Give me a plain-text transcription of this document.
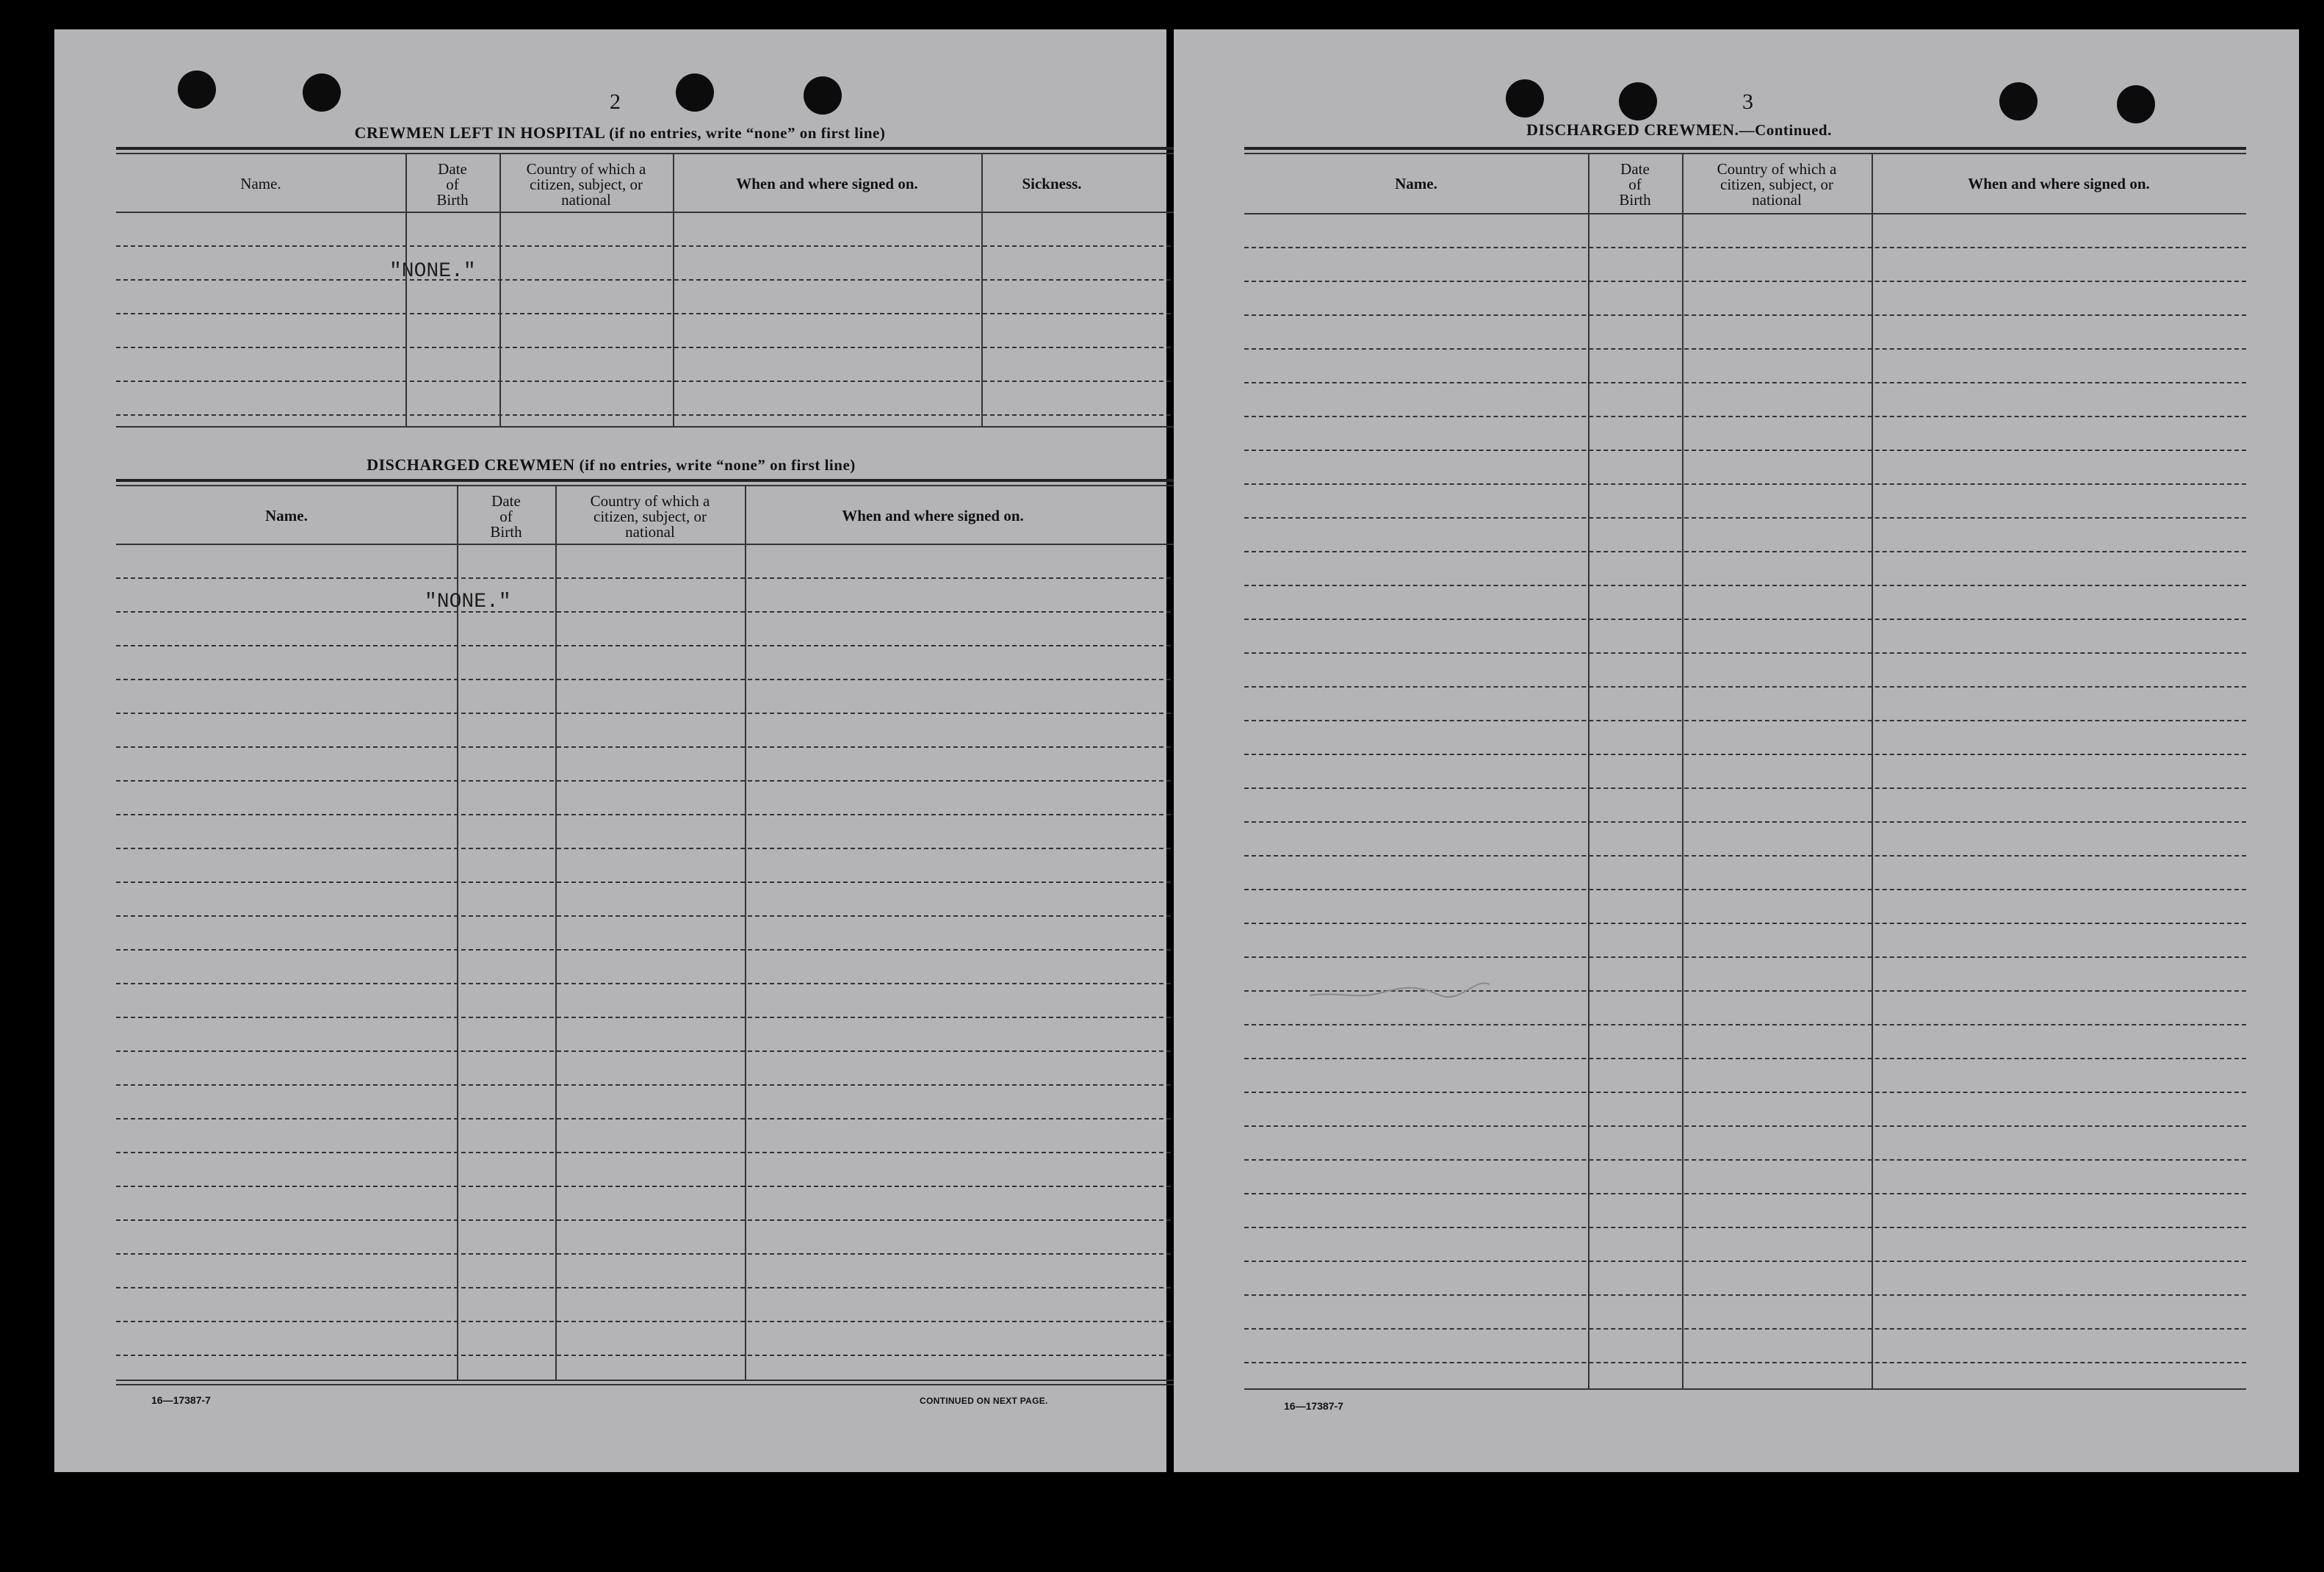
2
CREWMEN LEFT IN HOSPITAL (if no entries, write “none” on first line)
Name.
Date
of
Birth
Country of which a
citizen, subject, or
national
When and where signed on.	Sickness.
"NONE."
DISCHARGED CREWMEN (if no entries, write “none” on first line)
Name.
Date
of
Birth
Country of which a
citizen, subject, or
national
When and where signed on.
"NONE."
16—17387-7	CONTINUED ON NEXT PAGE.
3
DISCHARGED CREWMEN.—Continued.
Name.
Date
of
Birth
Country of which a
citizen, subject, or
national
When and where signed on.
16—17387-7
